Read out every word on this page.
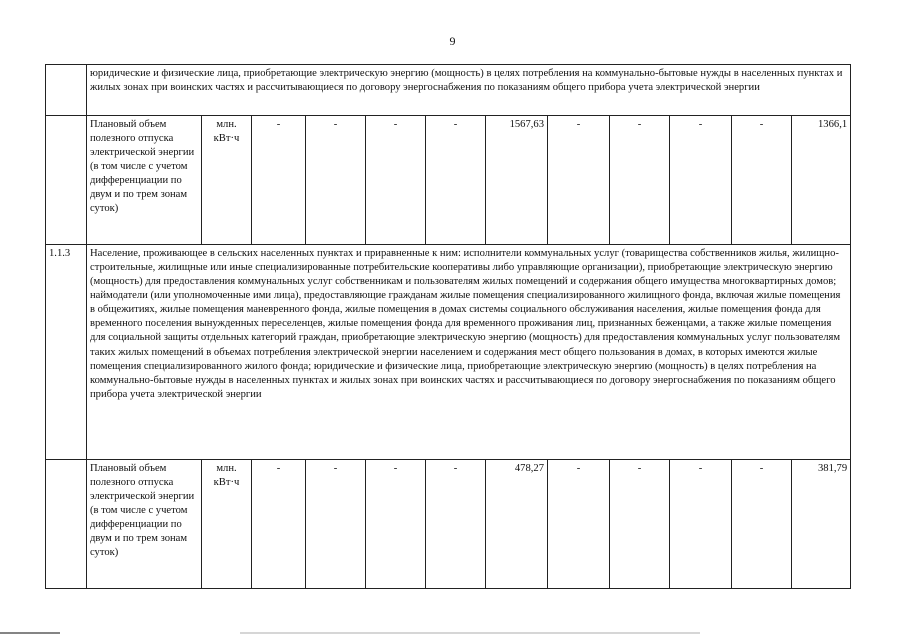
9
	юридические и физические лица, приобретающие электрическую энергию (мощность) в целях потребления на коммунально-бытовые нужды в населенных пунктах и жилых зонах при воинских частях и рассчитывающиеся по договору энергоснабжения по показаниям общего прибора учета электрической энергии											
	Плановый объем полезного отпуска электрической энергии (в том числе с учетом дифференциации по двум и по трем зонам суток)	млн. кВт·ч	-	-	-	-	1567,63	-	-	-	-	1366,1
1.1.3	Население, проживающее в сельских населенных пунктах и приравненные к ним: исполнители коммунальных услуг (товарищества собственников жилья, жилищно-строительные, жилищные или иные специализированные потребительские кооперативы либо управляющие организации), приобретающие электрическую энергию (мощность) для предоставления коммунальных услуг собственникам и пользователям жилых помещений и содержания общего имущества многоквартирных домов; наймодатели (или уполномоченные ими лица), предоставляющие гражданам жилые помещения специализированного жилищного фонда, включая жилые помещения в общежитиях, жилые помещения маневренного фонда, жилые помещения в домах системы социального обслуживания населения, жилые помещения фонда для временного поселения вынужденных переселенцев, жилые помещения фонда для временного проживания лиц, признанных беженцами, а также жилые помещения для социальной защиты отдельных категорий граждан, приобретающие электрическую энергию (мощность) для предоставления коммунальных услуг пользователям таких жилых помещений в объемах потребления электрической энергии населением и содержания мест общего пользования в домах, в которых имеются жилые помещения специализированного жилого фонда; юридические и физические лица, приобретающие электрическую энергию (мощность) в целях потребления на коммунально-бытовые нужды в населенных пунктах и жилых зонах при воинских частях и рассчитывающиеся по договору энергоснабжения по показаниям общего прибора учета электрической энергии											
	Плановый объем полезного отпуска электрической энергии (в том числе с учетом дифференциации по двум и по трем зонам суток)	млн. кВт·ч	-	-	-	-	478,27	-	-	-	-	381,79
